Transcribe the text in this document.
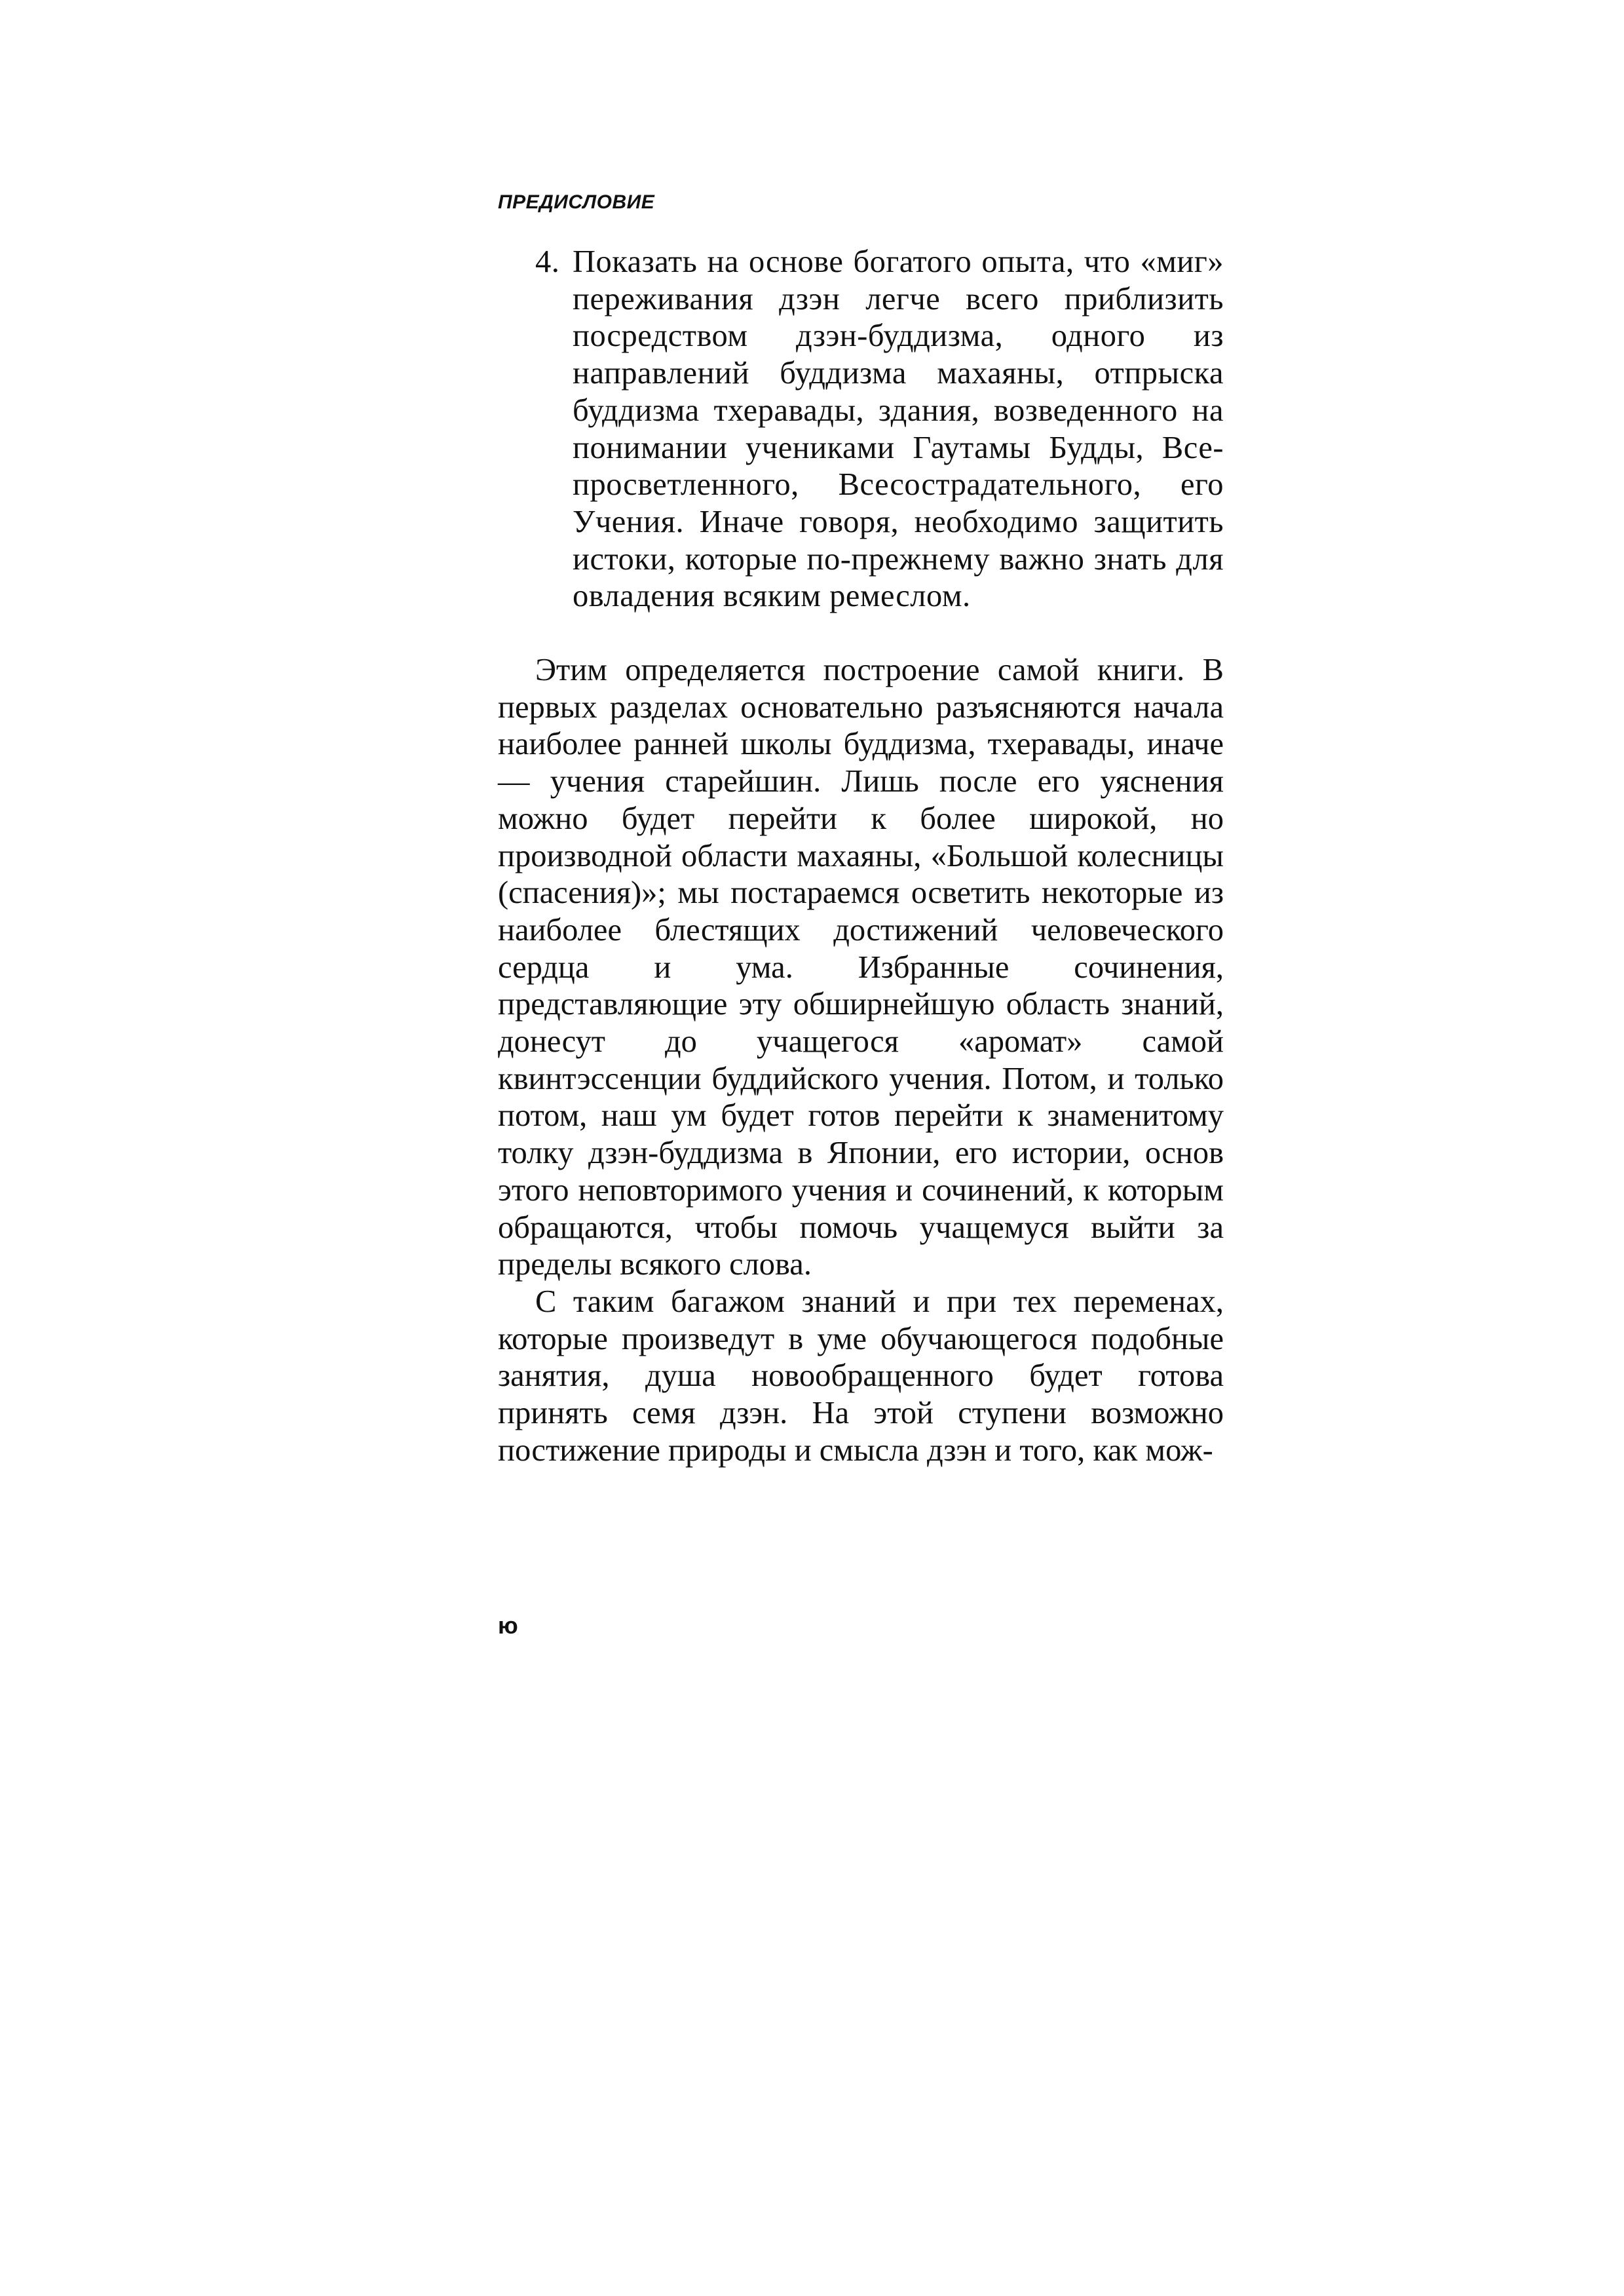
ПРЕДИСЛОВИЕ

4. Показать на основе богатого опыта, что «миг» переживания дзэн легче всего приблизить посредством дзэн-буддизма, одного из направлений буддизма махаяны, отпрыска буддизма тхеравады, здания, возведенного на понимании учениками Гаутамы Будды, Все-просветленного, Всесострадательного, его Учения. Иначе говоря, необходимо защитить истоки, которые по-прежнему важно знать для овладения всяким ремеслом.

Этим определяется построение самой книги. В первых разделах основательно разъясняются начала наиболее ранней школы буддизма, тхеравады, иначе — учения старейшин. Лишь после его уяснения можно будет перейти к более широкой, но производной области махаяны, «Большой колесницы (спасения)»; мы постараемся осветить некоторые из наиболее блестящих достижений человеческого сердца и ума. Избранные сочинения, представляющие эту обширнейшую область знаний, донесут до учащегося «аромат» самой квинтэссенции буддийского учения. Потом, и только потом, наш ум будет готов перейти к знаменитому толку дзэн-буддизма в Японии, его истории, основ этого неповторимого учения и сочинений, к которым обращаются, чтобы помочь учащемуся выйти за пределы всякого слова.

С таким багажом знаний и при тех переменах, которые произведут в уме обучающегося подобные занятия, душа новообращенного будет готова принять семя дзэн. На этой ступени возможно постижение природы и смысла дзэн и того, как мож-

ю
